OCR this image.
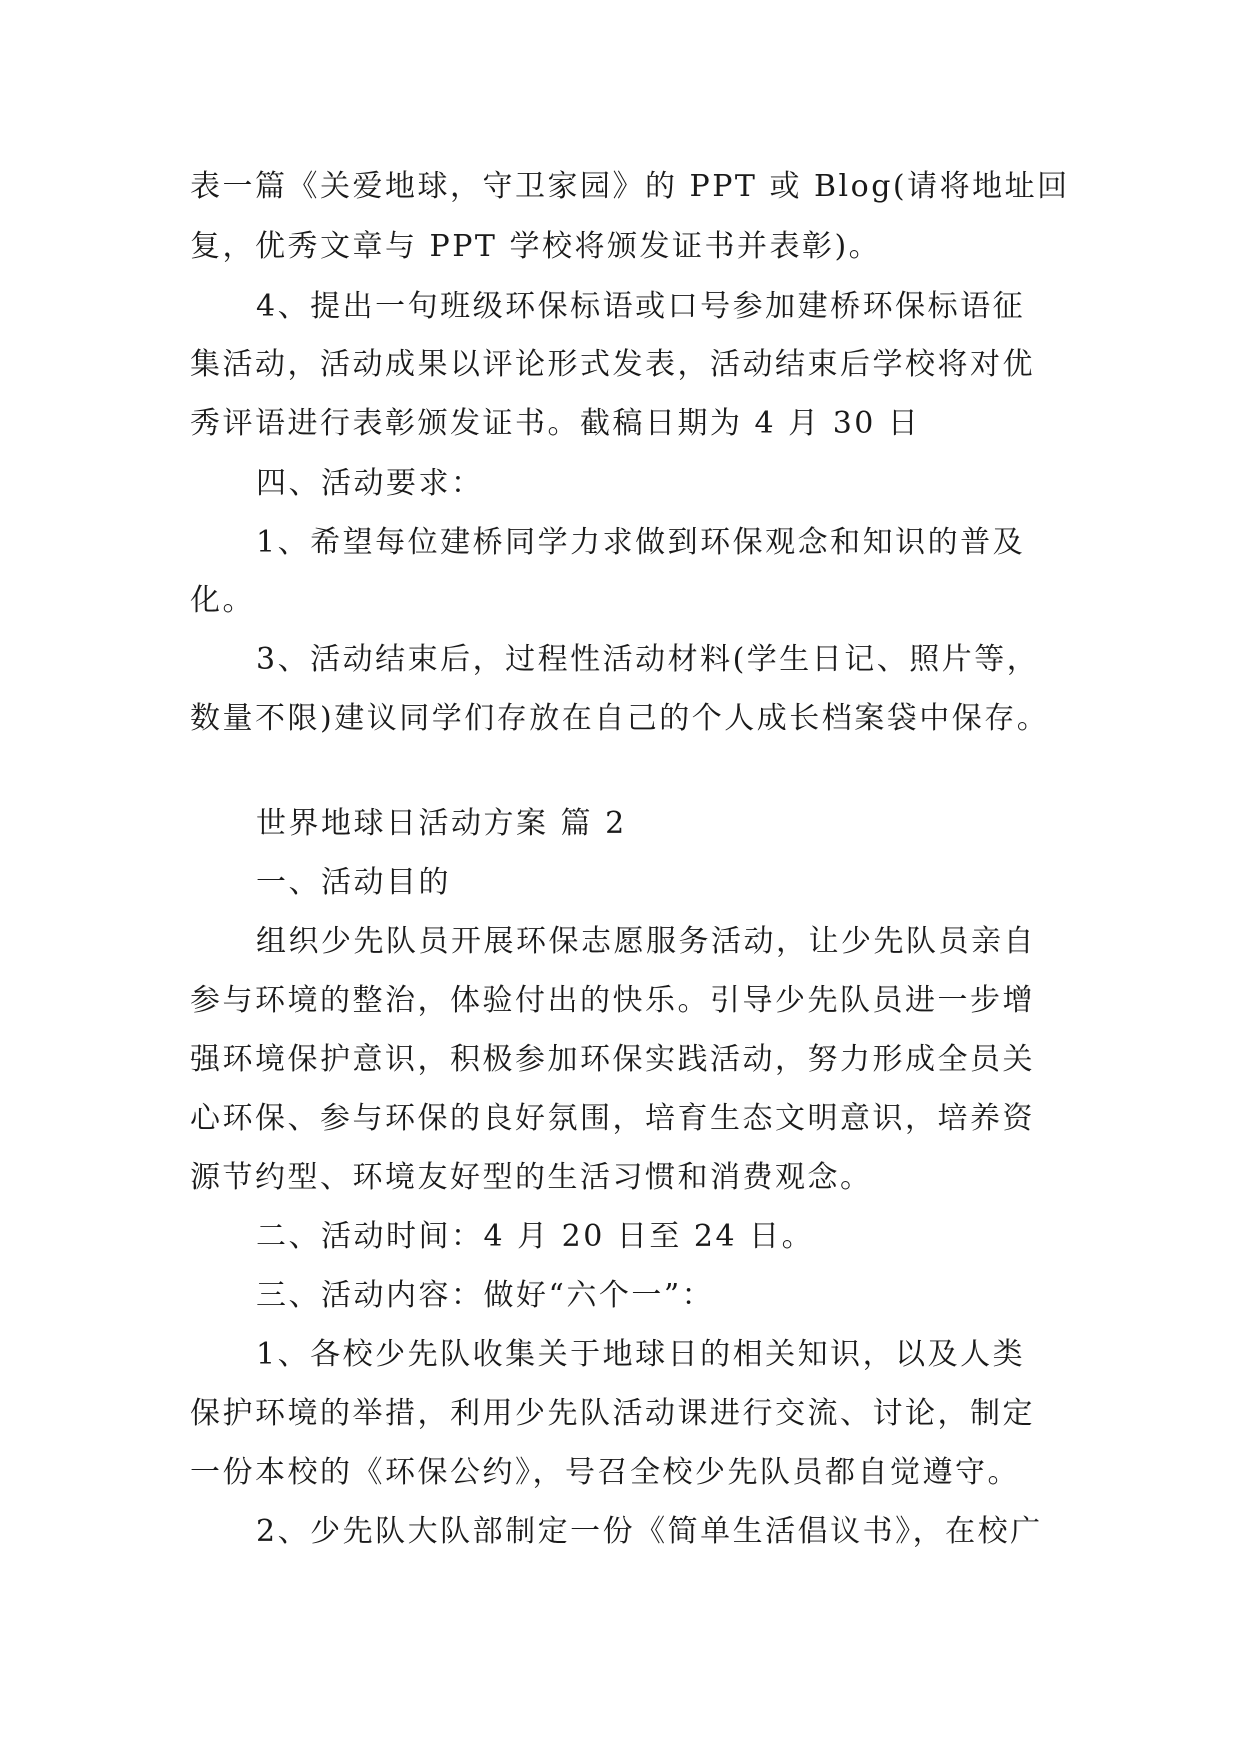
表一篇《关爱地球，守卫家园》的 PPT 或 Blog(请将地址回
复，优秀文章与 PPT 学校将颁发证书并表彰)。
4、提出一句班级环保标语或口号参加建桥环保标语征
集活动，活动成果以评论形式发表，活动结束后学校将对优
秀评语进行表彰颁发证书。截稿日期为 4 月 30 日
四、活动要求：
1、希望每位建桥同学力求做到环保观念和知识的普及
化。
3、活动结束后，过程性活动材料(学生日记、照片等，
数量不限)建议同学们存放在自己的个人成长档案袋中保存。
世界地球日活动方案 篇 2
一、活动目的
组织少先队员开展环保志愿服务活动，让少先队员亲自
参与环境的整治，体验付出的快乐。引导少先队员进一步增
强环境保护意识，积极参加环保实践活动，努力形成全员关
心环保、参与环保的良好氛围，培育生态文明意识，培养资
源节约型、环境友好型的生活习惯和消费观念。
二、活动时间：4 月 20 日至 24 日。
三、活动内容：做好“六个一”：
1、各校少先队收集关于地球日的相关知识，以及人类
保护环境的举措，利用少先队活动课进行交流、讨论，制定
一份本校的《环保公约》，号召全校少先队员都自觉遵守。
2、少先队大队部制定一份《简单生活倡议书》，在校广
